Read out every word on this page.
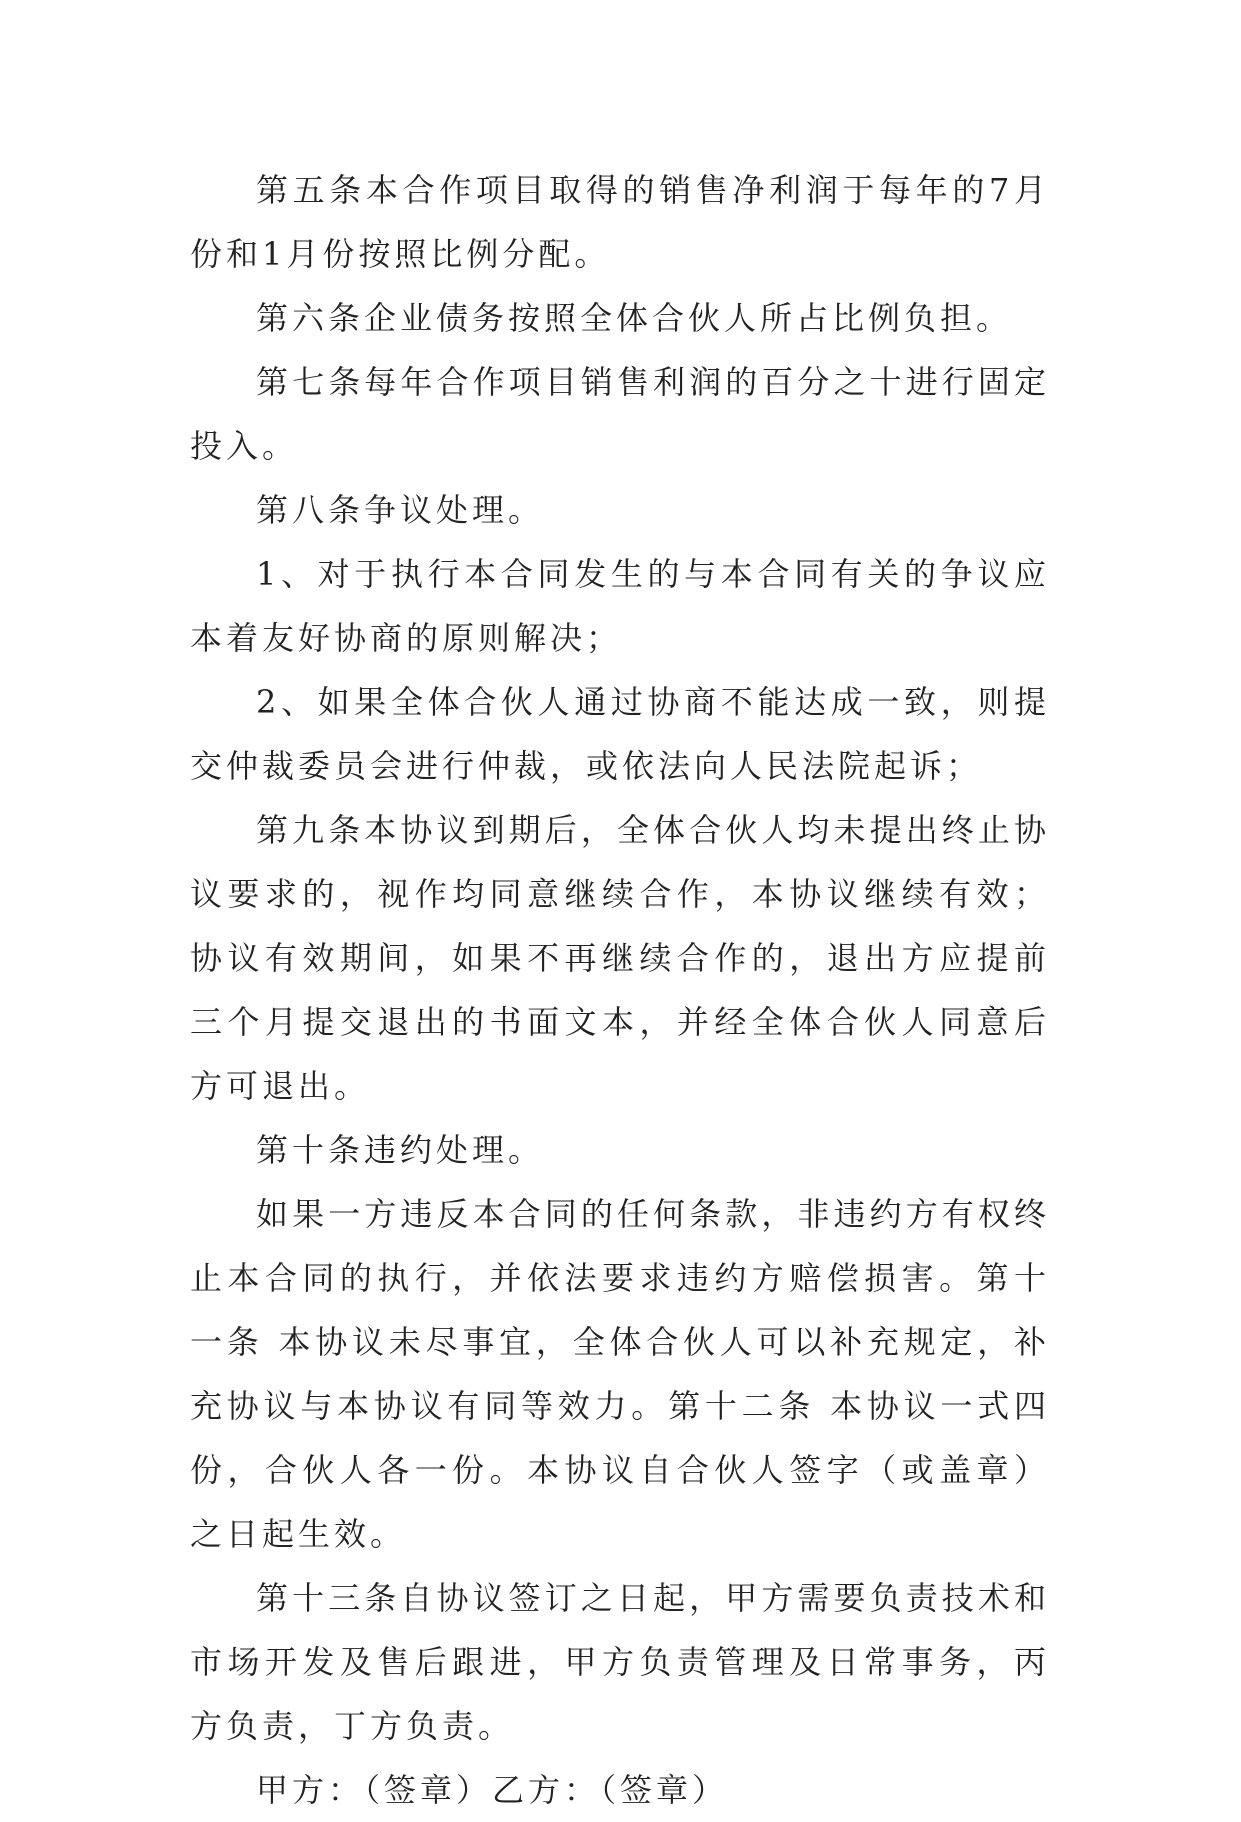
第五条本合作项目取得的销售净利润于每年的7月份和1月份按照比例分配。

第六条企业债务按照全体合伙人所占比例负担。

第七条每年合作项目销售利润的百分之十进行固定投入。

第八条争议处理。

1、对于执行本合同发生的与本合同有关的争议应本着友好协商的原则解决；

2、如果全体合伙人通过协商不能达成一致，则提交仲裁委员会进行仲裁，或依法向人民法院起诉；

第九条本协议到期后，全体合伙人均未提出终止协议要求的，视作均同意继续合作，本协议继续有效；协议有效期间，如果不再继续合作的，退出方应提前三个月提交退出的书面文本，并经全体合伙人同意后方可退出。

第十条违约处理。

如果一方违反本合同的任何条款，非违约方有权终止本合同的执行，并依法要求违约方赔偿损害。第十一条 本协议未尽事宜，全体合伙人可以补充规定，补充协议与本协议有同等效力。第十二条 本协议一式四份，合伙人各一份。本协议自合伙人签字（或盖章）之日起生效。

第十三条自协议签订之日起，甲方需要负责技术和市场开发及售后跟进，甲方负责管理及日常事务，丙方负责，丁方负责。

甲方：（签章）乙方：（签章）
